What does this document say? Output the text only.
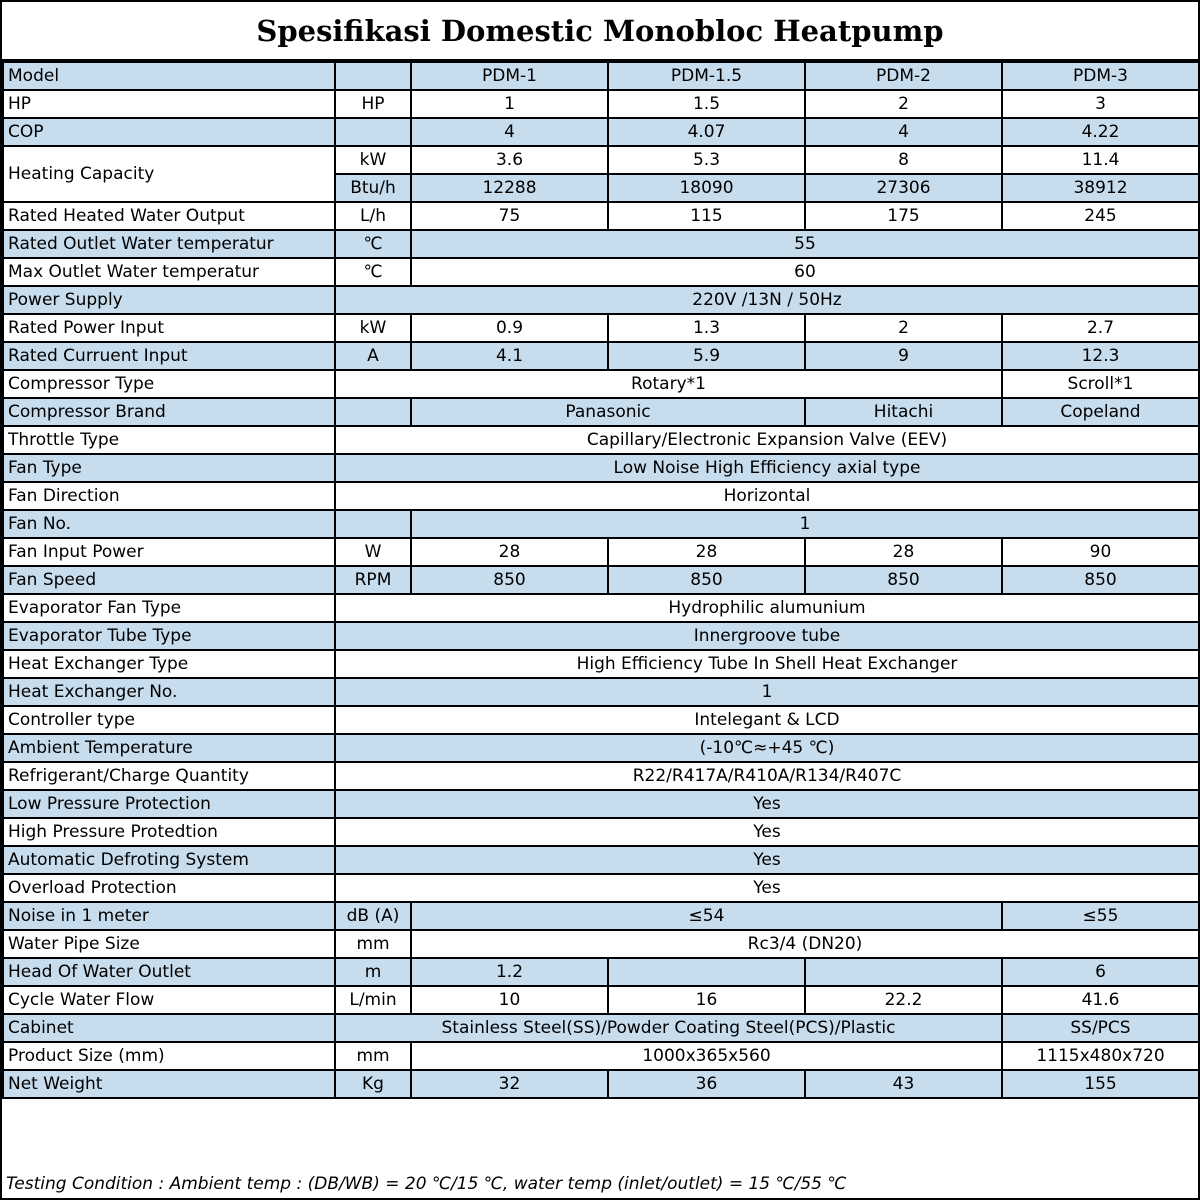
Spesifikasi Domestic Monobloc Heatpump
Model		PDM-1	PDM-1.5	PDM-2	PDM-3
HP	HP	1	1.5	2	3
COP		4	4.07	4	4.22
Heating Capacity	kW	3.6	5.3	8	11.4
	Btu/h	12288	18090	27306	38912
Rated Heated Water Output	L/h	75	115	175	245
Rated Outlet Water temperatur	℃	55			
Max Outlet Water temperatur	℃	60			
Power Supply	220V /13N / 50Hz				
Rated Power Input	kW	0.9	1.3	2	2.7
Rated Curruent Input	A	4.1	5.9	9	12.3
Compressor Type	Rotary*1				Scroll*1
Compressor Brand		Panasonic		Hitachi	Copeland
Throttle Type	Capillary/Electronic Expansion Valve (EEV)				
Fan Type	Low Noise High Efficiency axial type				
Fan Direction	Horizontal				
Fan No.		1			
Fan Input Power	W	28	28	28	90
Fan Speed	RPM	850	850	850	850
Evaporator Fan Type	Hydrophilic alumunium				
Evaporator Tube Type	Innergroove tube				
Heat Exchanger Type	High Efficiency Tube In Shell Heat Exchanger				
Heat Exchanger No.	1				
Controller type	Intelegant & LCD				
Ambient Temperature	(-10℃≈+45 ℃)				
Refrigerant/Charge Quantity	R22/R417A/R410A/R134/R407C				
Low Pressure Protection	Yes				
High Pressure Protedtion	Yes				
Automatic Defroting System	Yes				
Overload Protection	Yes				
Noise in 1 meter	dB (A)	≤54			≤55
Water Pipe Size	mm	Rc3/4 (DN20)			
Head Of Water Outlet	m	1.2			6
Cycle Water Flow	L/min	10	16	22.2	41.6
Cabinet	Stainless Steel(SS)/Powder Coating Steel(PCS)/Plastic				SS/PCS
Product Size (mm)	mm	1000x365x560			1115x480x720
Net Weight	Kg	32	36	43	155
Testing Condition : Ambient temp : (DB/WB) = 20 ℃/15 ℃, water temp (inlet/outlet) = 15 ℃/55 ℃
